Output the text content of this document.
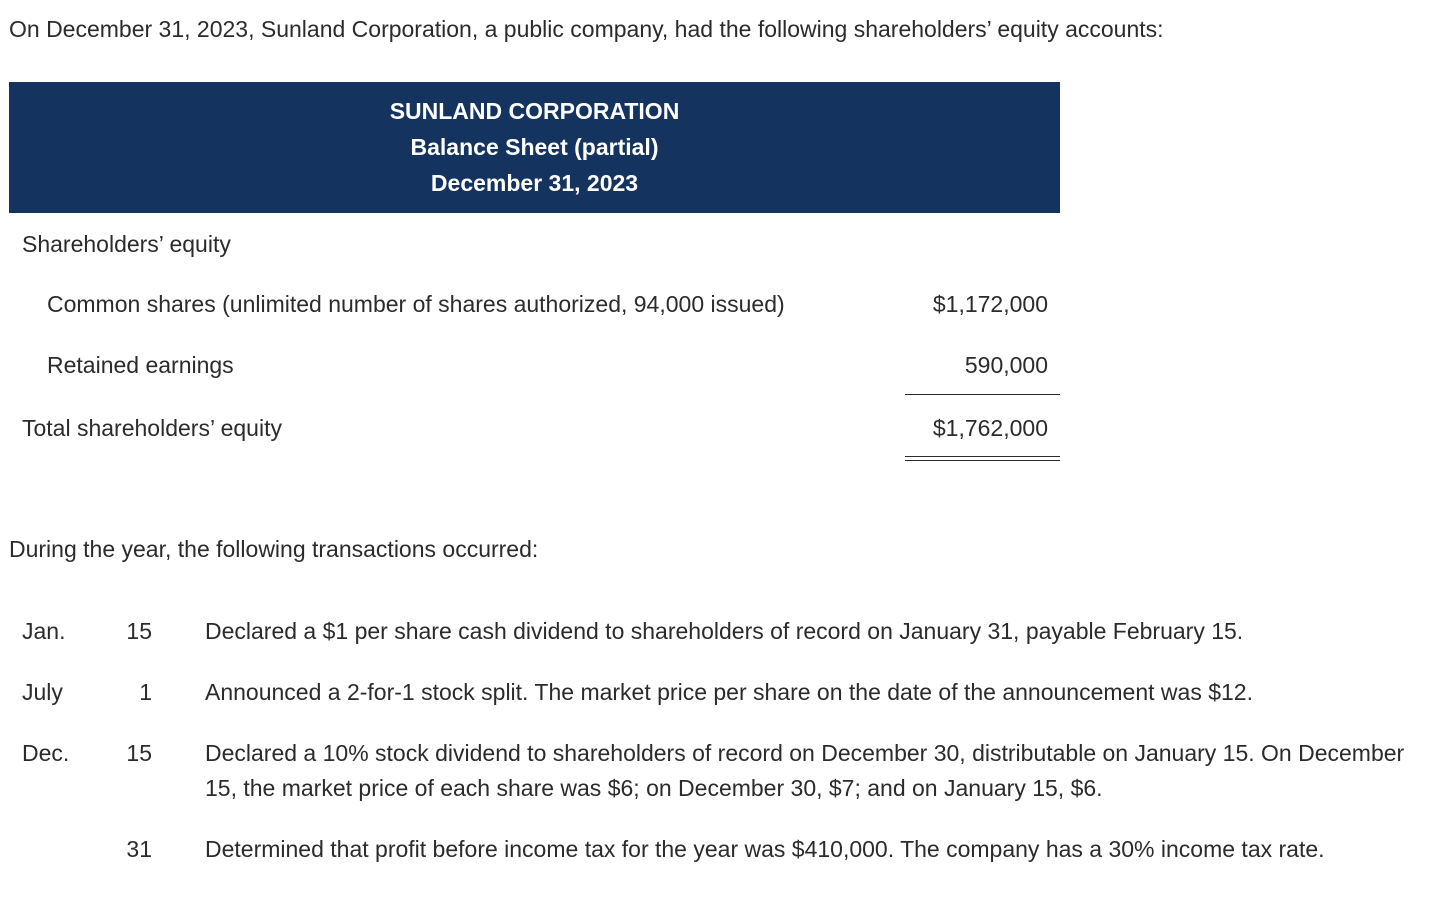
On December 31, 2023, Sunland Corporation, a public company, had the following shareholders’ equity accounts:
SUNLAND CORPORATION
Balance Sheet (partial)
December 31, 2023
Shareholders’ equity
Common shares (unlimited number of shares authorized, 94,000 issued)	$1,172,000
Retained earnings	590,000
Total shareholders’ equity	$1,762,000
During the year, the following transactions occurred:
Jan.	15 Declared a $1 per share cash dividend to shareholders of record on January 31, payable February 15.
July	1 Announced a 2-for-1 stock split. The market price per share on the date of the announcement was $12.
Dec.	15 Declared a 10% stock dividend to shareholders of record on December 30, distributable on January 15. On December 15, the market price of each share was $6; on December 30, $7; and on January 15, $6.
31 Determined that profit before income tax for the year was $410,000. The company has a 30% income tax rate.
